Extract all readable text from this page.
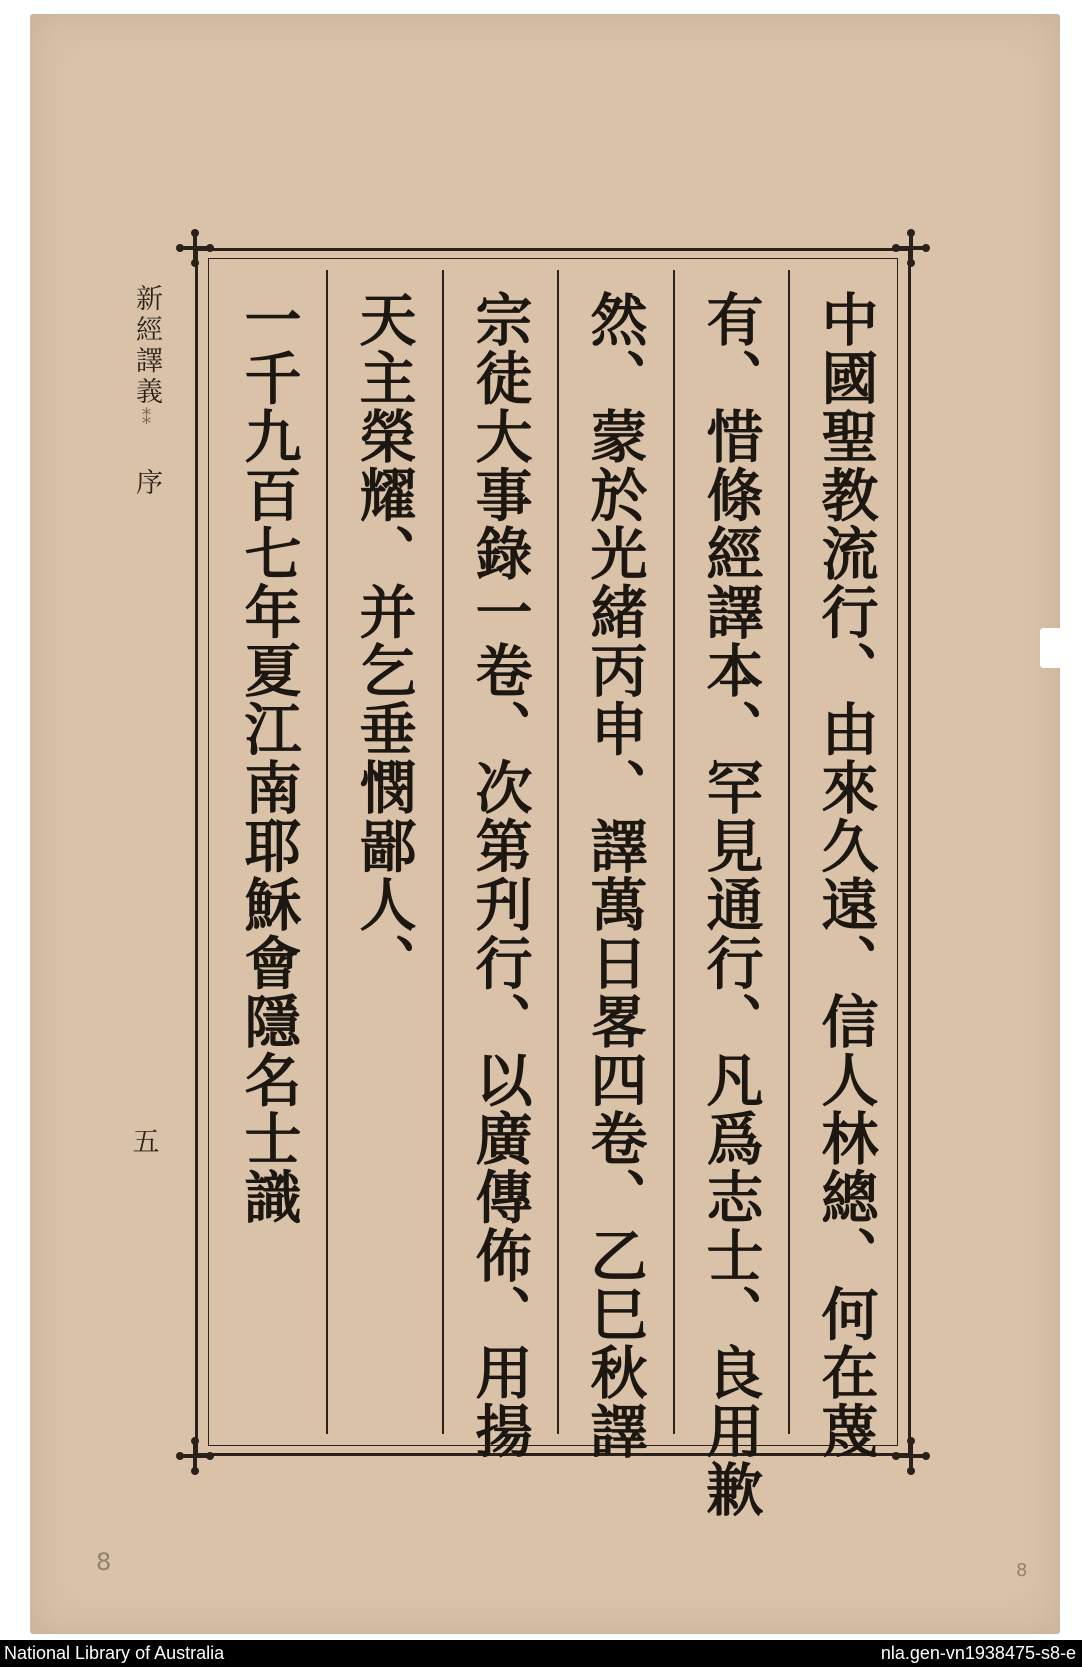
中國聖教流行、由來久遠、信人林總、何在蔑
有、惜條經譯本、罕見通行、凡爲志士、良用歉
然、蒙於光緒丙申、譯萬日畧四卷、乙巳秋譯
宗徒大事錄一卷、次第刋行、以廣傳佈、用揚
天主榮耀、并乞垂憫鄙人、
一千九百七年夏江南耶穌會隱名士識
新經譯義⁑ 序
五
8	8
National Library of Australia	nla.gen-vn1938475-s8-e
